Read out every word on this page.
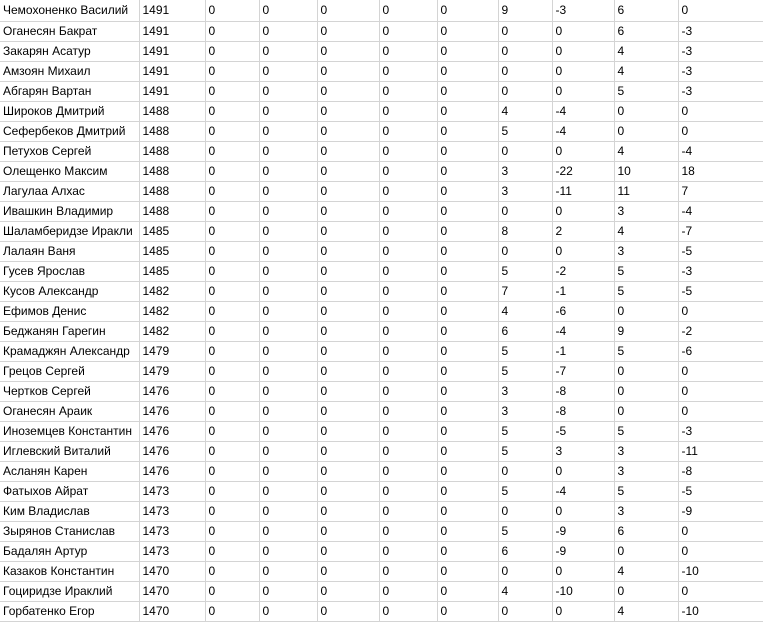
Чемохоненко Василий	1491	0	0	0	0	0	9	-3	6	0
Оганесян Бакрат	1491	0	0	0	0	0	0	0	6	-3
Закарян Асатур	1491	0	0	0	0	0	0	0	4	-3
Амзоян Михаил	1491	0	0	0	0	0	0	0	4	-3
Абгарян Вартан	1491	0	0	0	0	0	0	0	5	-3
Широков Дмитрий	1488	0	0	0	0	0	4	-4	0	0
Сефербеков Дмитрий	1488	0	0	0	0	0	5	-4	0	0
Петухов Сергей	1488	0	0	0	0	0	0	0	4	-4
Олещенко Максим	1488	0	0	0	0	0	3	-22	10	18
Лагулаа Алхас	1488	0	0	0	0	0	3	-11	11	7
Ивашкин Владимир	1488	0	0	0	0	0	0	0	3	-4
Шаламберидзе Иракли	1485	0	0	0	0	0	8	2	4	-7
Лалаян Ваня	1485	0	0	0	0	0	0	0	3	-5
Гусев Ярослав	1485	0	0	0	0	0	5	-2	5	-3
Кусов Александр	1482	0	0	0	0	0	7	-1	5	-5
Ефимов Денис	1482	0	0	0	0	0	4	-6	0	0
Беджанян Гарегин	1482	0	0	0	0	0	6	-4	9	-2
Крамаджян Александр	1479	0	0	0	0	0	5	-1	5	-6
Грецов Сергей	1479	0	0	0	0	0	5	-7	0	0
Чертков Сергей	1476	0	0	0	0	0	3	-8	0	0
Оганесян Араик	1476	0	0	0	0	0	3	-8	0	0
Иноземцев Константин	1476	0	0	0	0	0	5	-5	5	-3
Иглевский Виталий	1476	0	0	0	0	0	5	3	3	-11
Асланян Карен	1476	0	0	0	0	0	0	0	3	-8
Фатыхов Айрат	1473	0	0	0	0	0	5	-4	5	-5
Ким Владислав	1473	0	0	0	0	0	0	0	3	-9
Зырянов Станислав	1473	0	0	0	0	0	5	-9	6	0
Бадалян Артур	1473	0	0	0	0	0	6	-9	0	0
Казаков Константин	1470	0	0	0	0	0	0	0	4	-10
Гоциридзе Ираклий	1470	0	0	0	0	0	4	-10	0	0
Горбатенко Егор	1470	0	0	0	0	0	0	0	4	-10
